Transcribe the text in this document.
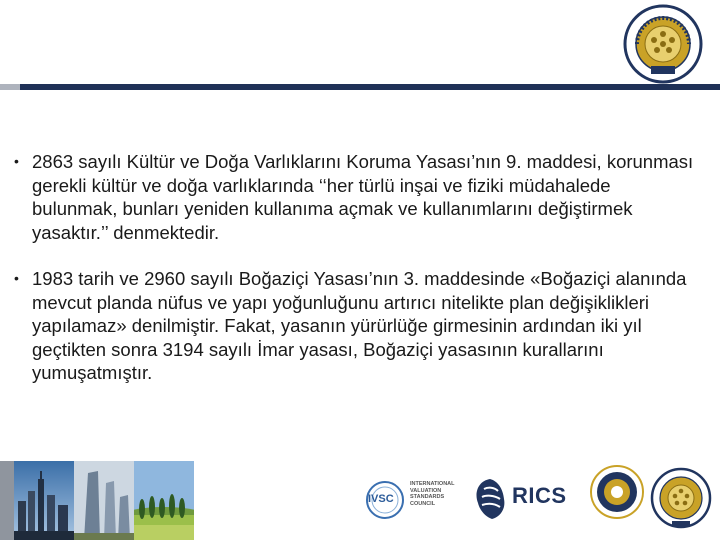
• 2863 sayılı Kültür ve Doğa Varlıklarını Koruma Yasası’nın 9. maddesi, korunması gerekli kültür ve doğa varlıklarında ‘‘her türlü inşai ve fiziki müdahalede bulunmak, bunları yeniden kullanıma açmak ve kullanımlarını değiştirmek yasaktır.’’ denmektedir.
• 1983 tarih ve 2960 sayılı Boğaziçi Yasası’nın 3. maddesinde «Boğaziçi alanında mevcut planda nüfus ve yapı yoğunluğunu artırıcı nitelikte plan değişiklikleri yapılamaz» denilmiştir. Fakat, yasanın yürürlüğe girmesinin ardından iki yıl geçtikten sonra 3194 sayılı İmar yasası, Boğaziçi yasasının kurallarını yumuşatmıştır.
IVSC
INTERNATIONAL
VALUATION
STANDARDS
COUNCIL	RICS
